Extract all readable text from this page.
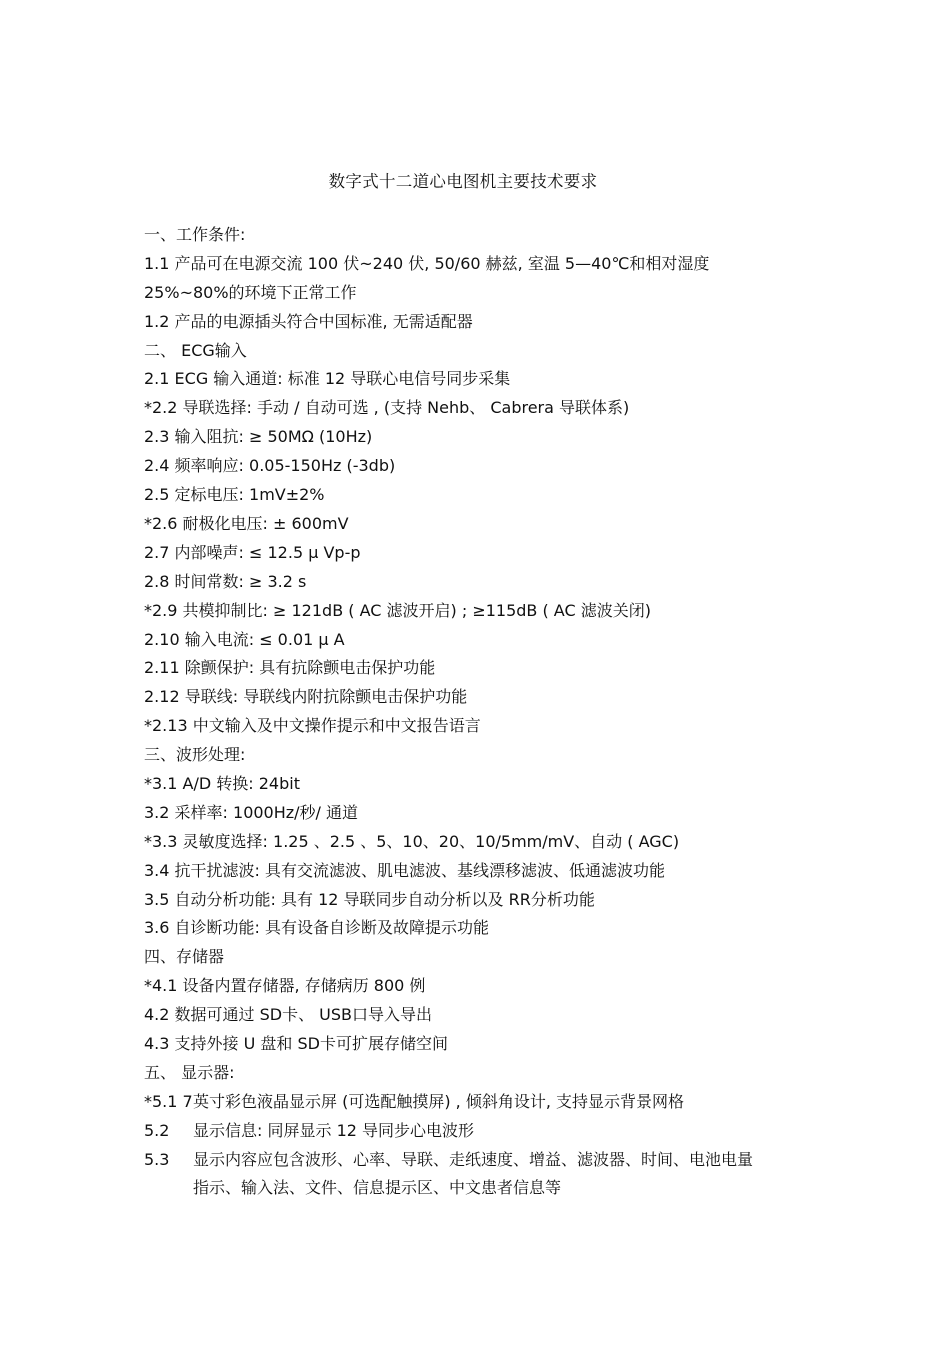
数字式十二道心电图机主要技术要求
一、工作条件:
1.1 产品可在电源交流 100 伏~240 伏, 50/60 赫兹, 室温 5—40℃和相对湿度 25%~80%的环境下正常工作
1.2 产品的电源插头符合中国标准, 无需适配器
二、 ECG输入
2.1 ECG 输入通道: 标准 12 导联心电信号同步采集
*2.2 导联选择: 手动 / 自动可选 , (支持 Nehb、 Cabrera 导联体系)
2.3 输入阻抗: ≥ 50MΩ (10Hz)
2.4 频率响应: 0.05-150Hz (-3db)
2.5 定标电压: 1mV±2%
*2.6 耐极化电压: ± 600mV
2.7 内部噪声: ≤ 12.5 μ Vp-p
2.8 时间常数: ≥ 3.2 s
*2.9 共模抑制比: ≥ 121dB ( AC 滤波开启) ; ≥115dB ( AC 滤波关闭)
2.10 输入电流: ≤ 0.01 μ A
2.11 除颤保护: 具有抗除颤电击保护功能
2.12 导联线: 导联线内附抗除颤电击保护功能
*2.13 中文输入及中文操作提示和中文报告语言
三、波形处理:
*3.1 A/D 转换: 24bit
3.2 采样率: 1000Hz/秒/ 通道
*3.3 灵敏度选择: 1.25 、2.5 、5、10、20、10/5mm/mV、自动 ( AGC)
3.4 抗干扰滤波: 具有交流滤波、肌电滤波、基线漂移滤波、低通滤波功能
3.5 自动分析功能: 具有 12 导联同步自动分析以及 RR分析功能
3.6 自诊断功能: 具有设备自诊断及故障提示功能
四、存储器
*4.1 设备内置存储器, 存储病历 800 例
4.2 数据可通过 SD卡、 USB口导入导出
4.3 支持外接 U 盘和 SD卡可扩展存储空间
五、 显示器:
*5.1 7英寸彩色液晶显示屏 (可选配触摸屏) , 倾斜角设计, 支持显示背景网格
5.2 显示信息: 同屏显示 12 导同步心电波形
5.3 显示内容应包含波形、心率、导联、走纸速度、增益、滤波器、时间、电池电量指示、输入法、文件、信息提示区、中文患者信息等
